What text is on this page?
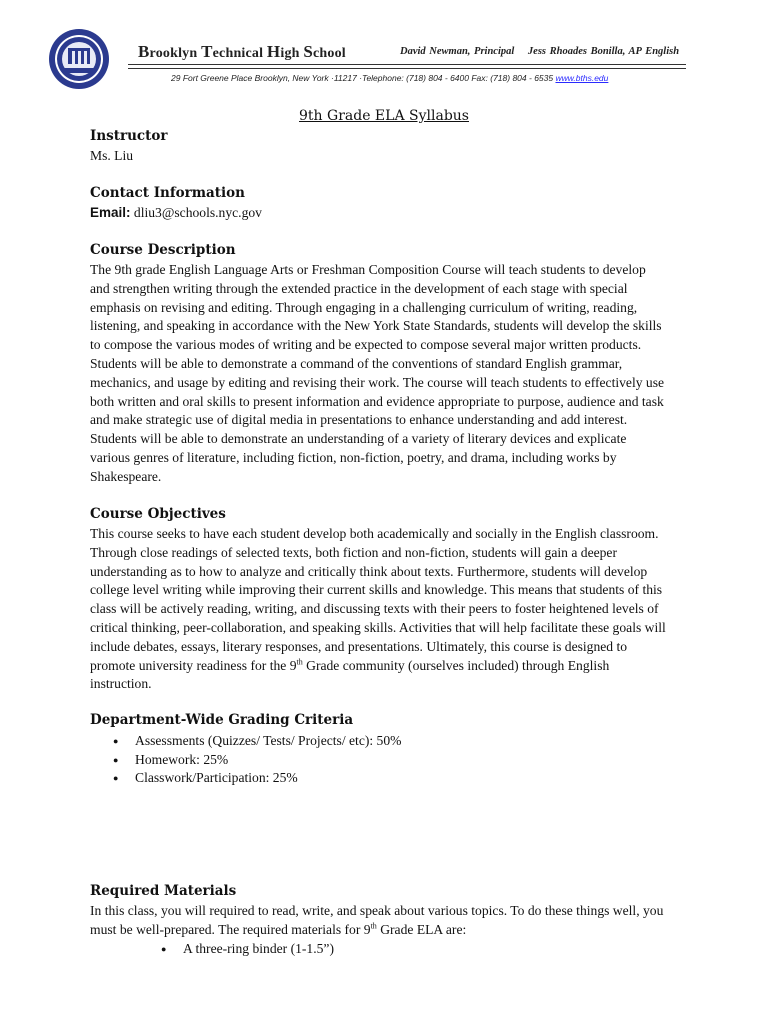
Brooklyn Technical High School	David Newman, Principal Jess Rhoades Bonilla, AP English
29 Fort Greene Place Brooklyn, New York ·11217 ·Telephone: (718) 804 - 6400 Fax: (718) 804 - 6535 www.bths.edu
9th Grade ELA Syllabus
Instructor
Ms. Liu
Contact Information
Email: dliu3@schools.nyc.gov
Course Description
The 9th grade English Language Arts or Freshman Composition Course will teach students to develop
and strengthen writing through the extended practice in the development of each stage with special
emphasis on revising and editing. Through engaging in a challenging curriculum of writing, reading,
listening, and speaking in accordance with the New York State Standards, students will develop the skills
to compose the various modes of writing and be expected to compose several major written products.
Students will be able to demonstrate a command of the conventions of standard English grammar,
mechanics, and usage by editing and revising their work. The course will teach students to effectively use
both written and oral skills to present information and evidence appropriate to purpose, audience and task
and make strategic use of digital media in presentations to enhance understanding and add interest.
Students will be able to demonstrate an understanding of a variety of literary devices and explicate
various genres of literature, including fiction, non-fiction, poetry, and drama, including works by
Shakespeare.
Course Objectives
This course seeks to have each student develop both academically and socially in the English classroom.
Through close readings of selected texts, both fiction and non-fiction, students will gain a deeper
understanding as to how to analyze and critically think about texts. Furthermore, students will develop
college level writing while improving their current skills and knowledge. This means that students of this
class will be actively reading, writing, and discussing texts with their peers to foster heightened levels of
critical thinking, peer-collaboration, and speaking skills. Activities that will help facilitate these goals will
include debates, essays, literary responses, and presentations. Ultimately, this course is designed to
promote university readiness for the 9th Grade community (ourselves included) through English
instruction.
Department-Wide Grading Criteria
● Assessments (Quizzes/ Tests/ Projects/ etc): 50%
● Homework: 25%
● Classwork/Participation: 25%
Required Materials
In this class, you will required to read, write, and speak about various topics. To do these things well, you
must be well-prepared. The required materials for 9th Grade ELA are:
● A three-ring binder (1-1.5”)
